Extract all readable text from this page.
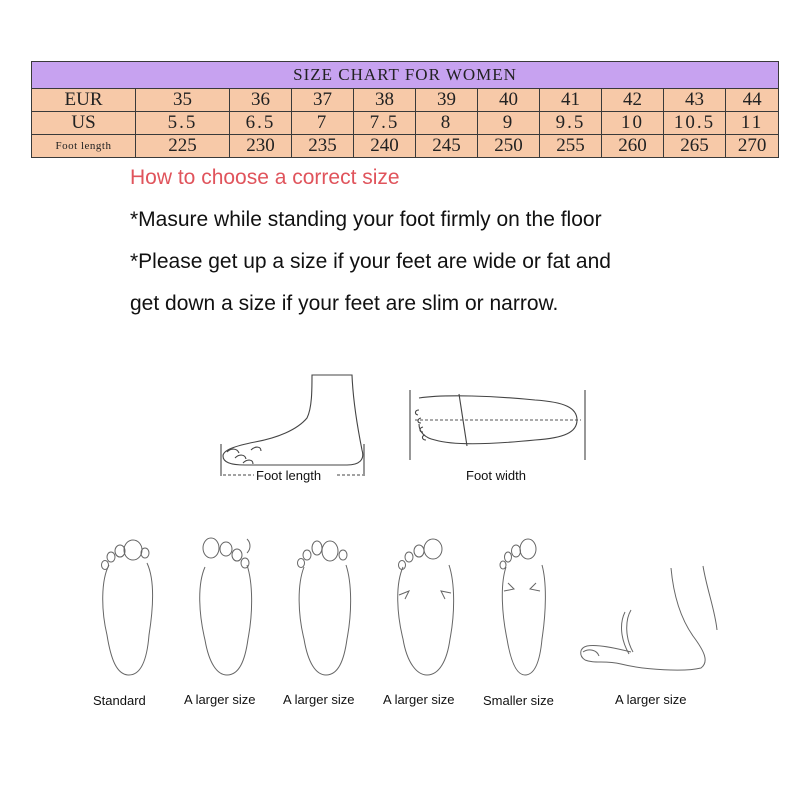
SIZE CHART FOR WOMEN										
EUR	35	36	37	38	39	40	41	42	43	44
US	5.5	6.5	7	7.5	8	9	9.5	10	10.5	11
Foot length	225	230	235	240	245	250	255	260	265	270
How to choose a correct size
*Masure while standing your foot firmly on the floor
*Please get up a size if your feet are wide or fat and
get down a size if your feet are slim or narrow.
Foot length	Foot width
Standard	A larger size A larger size A larger size Smaller size	A larger size
